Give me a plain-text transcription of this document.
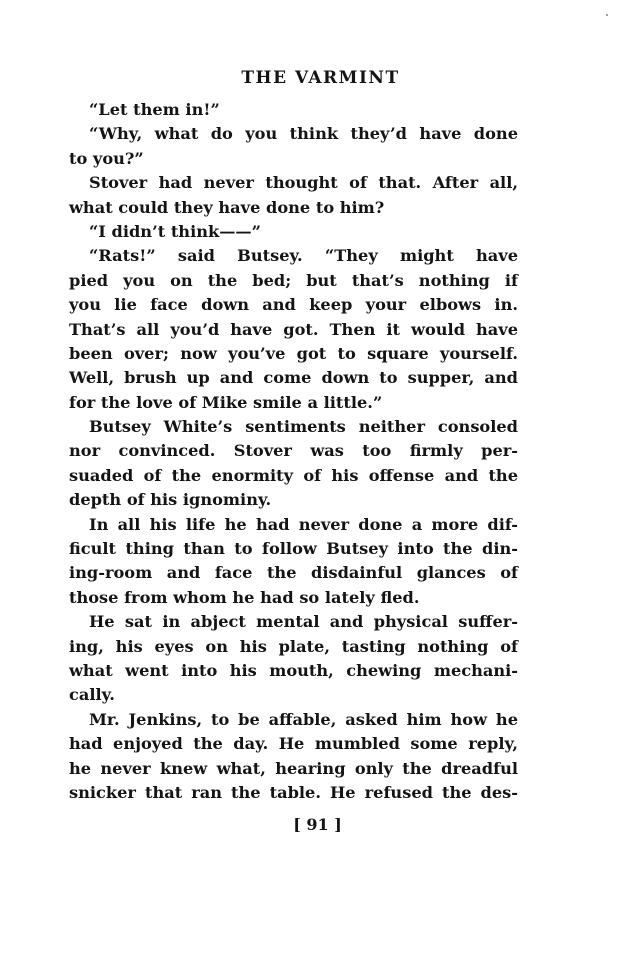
THE VARMINT
“Let them in!”
“Why, what do you think they’d have done
to you?”
Stover had never thought of that. After all,
what could they have done to him?
“I didn’t think——”
“Rats!” said Butsey. “They might have
pied you on the bed; but that’s nothing if
you lie face down and keep your elbows in.
That’s all you’d have got. Then it would have
been over; now you’ve got to square yourself.
Well, brush up and come down to supper, and
for the love of Mike smile a little.”
Butsey White’s sentiments neither consoled
nor convinced. Stover was too firmly per-
suaded of the enormity of his offense and the
depth of his ignominy.
In all his life he had never done a more dif-
ficult thing than to follow Butsey into the din-
ing-room and face the disdainful glances of
those from whom he had so lately fled.
He sat in abject mental and physical suffer-
ing, his eyes on his plate, tasting nothing of
what went into his mouth, chewing mechani-
cally.
Mr. Jenkins, to be affable, asked him how he
had enjoyed the day. He mumbled some reply,
he never knew what, hearing only the dreadful
snicker that ran the table. He refused the des-
[ 91 ]
